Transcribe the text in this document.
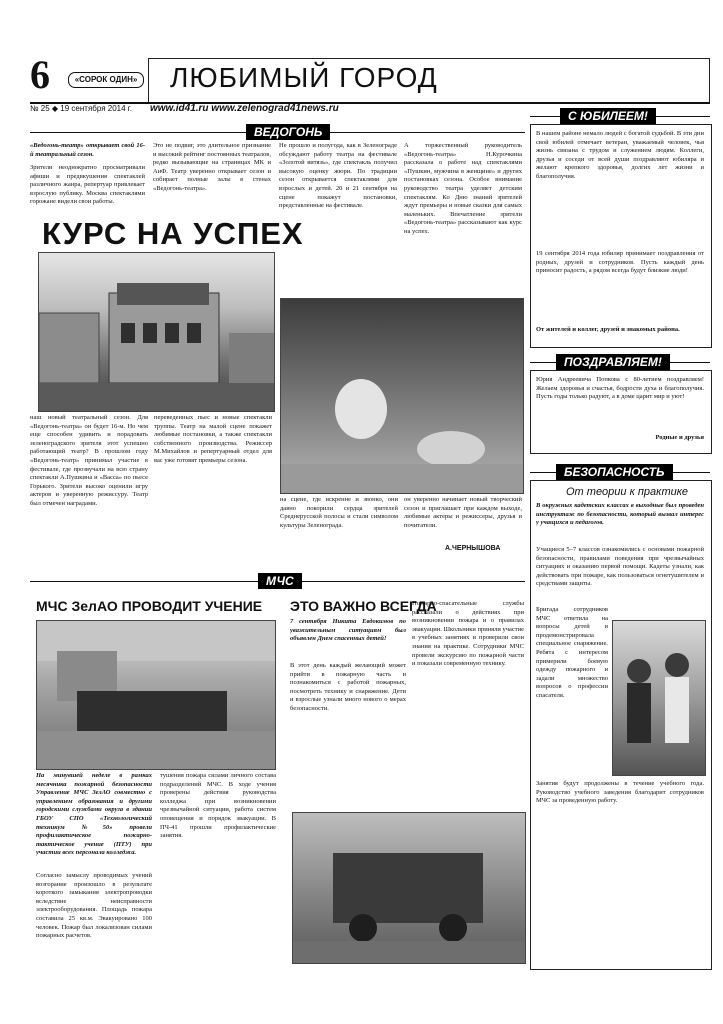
6	«СОРОК ОДИН» ЛЮБИМЫЙ ГОРОД
№ 25 ◆ 19 сентября 2014 г. www.id41.ru www.zelenograd41news.ru
ВЕДОГОНЬ
«Ведогонь-театр» открывает свой 16-й театральный сезон.
Зрители неоднократно просматривали афиши и предвкушения спектаклей различного жанра, репертуар привлекает взрослую публику. Москва спектаклями горожане видели свои работы.
Это не подвиг, это длительное признание и высокий рейтинг постоянных театралов, редко вызывающие на страницах МК и АиФ. Театр уверенно открывает сезон и собирает полные залы в стенах «Ведогонь-театра».
Не прошло и полугода, как в Зеленограде обсуждают работу театра на фестивале «Золотой витязь», где спектакль получил высокую оценку жюри. По традиции сезон открывается спектаклями для взрослых и детей. 20 и 21 сентября на сцене покажут постановки, представленные на фестивале.
А торжественный руководитель «Ведогонь-театра» Н.Курочкина рассказала о работе над спектаклями «Пушкин, мужчина в женщине» и других постановках сезона. Особое внимание руководство театра уделяет детским спектаклям. Ко Дню знаний зрителей ждут премьеры и новые сказки для самых маленьких. Впечатление зрители «Ведогонь-театра» рассказывают как курс на успех.
КУРС НА УСПЕХ
наш новый театральный сезон. Для «Ведогонь-театра» он будет 16-м. Но чем еще способен удивить и порадовать зеленоградского зрителя этот успешно работающий театр? В прошлом году «Ведогонь-театр» принимал участие в фестивале, где прозвучали на всю страну спектакли А.Пушкина и «Васса» по пьесе Горького. Зрители высоко оценили игру актеров и уверенную режиссуру. Театр был отмечен наградами.
переведенных пьес и новые спектакли труппы. Театр на малой сцене покажет любимые постановки, а также спектакли собственного производства. Режиссер М.Михайлов и репертуарный отдел для вас уже готовят премьеры сезона.
на сцене, где искренне и звонко, они давно покорили сердца зрителей Среднерусской полосы и стали символом культуры Зеленограда.
он уверенно начинает новый творческий сезон и приглашает при каждом выходе, любимые актеры и режиссеры, друзья и почитатели.
А.ЧЕРНЫШОВА
МЧС
МЧС ЗелАО ПРОВОДИТ УЧЕНИЕ
На минувшей неделе в рамках месячника пожарной безопасности Управление МЧС ЗелАО совместно с управлением образования и другими городскими службами округа в здании ГБОУ СПО «Технологический техникум №50» провели профилактическое пожарно-тактическое учение (ПТУ) при участии всех персонала колледжа.
Согласно замыслу проводимых учений возгорание произошло в результате короткого замыкания электропроводки вследствие неисправности электрооборудования. Площадь пожара составила 25 кв.м. Эвакуировано 100 человек. Пожар был локализован силами пожарных расчетов.
тушения пожара силами личного состава подразделений МЧС. В ходе учения проверены действия руководства колледжа при возникновении чрезвычайной ситуации, работа систем оповещения и порядок эвакуации. В ПЧ-41 прошли профилактические занятия.
ЭТО ВАЖНО ВСЕГДА
7 сентября Никита Евдокимов по уважительным ситуациям был объявлен Днем спасенных детей!
В этот день каждый желающий может прийти в пожарную часть и познакомиться с работой пожарных, посмотреть технику и снаряжение. Дети и взрослые узнали много нового о мерах безопасности.
Пожарно-спасательные службы рассказали о действиях при возникновении пожара и о правилах эвакуации. Школьники приняли участие в учебных занятиях и проверили свои знания на практике. Сотрудники МЧС провели экскурсию по пожарной части и показали современную технику.
С ЮБИЛЕЕМ!
В нашем районе немало людей с богатой судьбой. В эти дни свой юбилей отмечает ветеран, уважаемый человек, чья жизнь связана с трудом и служением людям. Коллеги, друзья и соседи от всей души поздравляют юбиляра и желают крепкого здоровья, долгих лет жизни и благополучия.
19 сентября 2014 года юбиляр принимает поздравления от родных, друзей и сотрудников. Пусть каждый день приносит радость, а рядом всегда будут близкие люди!
От жителей и коллег, друзей и знакомых района.
ПОЗДРАВЛЯЕМ!
Юрия Андреевича Попкова с 80-летием поздравляем! Желаем здоровья и счастья, бодрости духа и благополучия. Пусть годы только радуют, а в доме царит мир и уют!
Родные и друзья
БЕЗОПАСНОСТЬ
От теории к практике
В окружных кадетских классах в выходные был проведен инструктаж по безопасности, который вызвал интерес у учащихся и педагогов.
Учащиеся 5–7 классов ознакомились с основами пожарной безопасности, правилами поведения при чрезвычайных ситуациях и оказанию первой помощи. Кадеты узнали, как действовать при пожаре, как пользоваться огнетушителем и средствами защиты.
Бригада сотрудников МЧС ответила на вопросы детей и продемонстрировала специальное снаряжение. Ребята с интересом примерили боевую одежду пожарного и задали множество вопросов о профессии спасателя.
Занятия будут продолжены в течение учебного года. Руководство учебного заведения благодарит сотрудников МЧС за проведенную работу.
